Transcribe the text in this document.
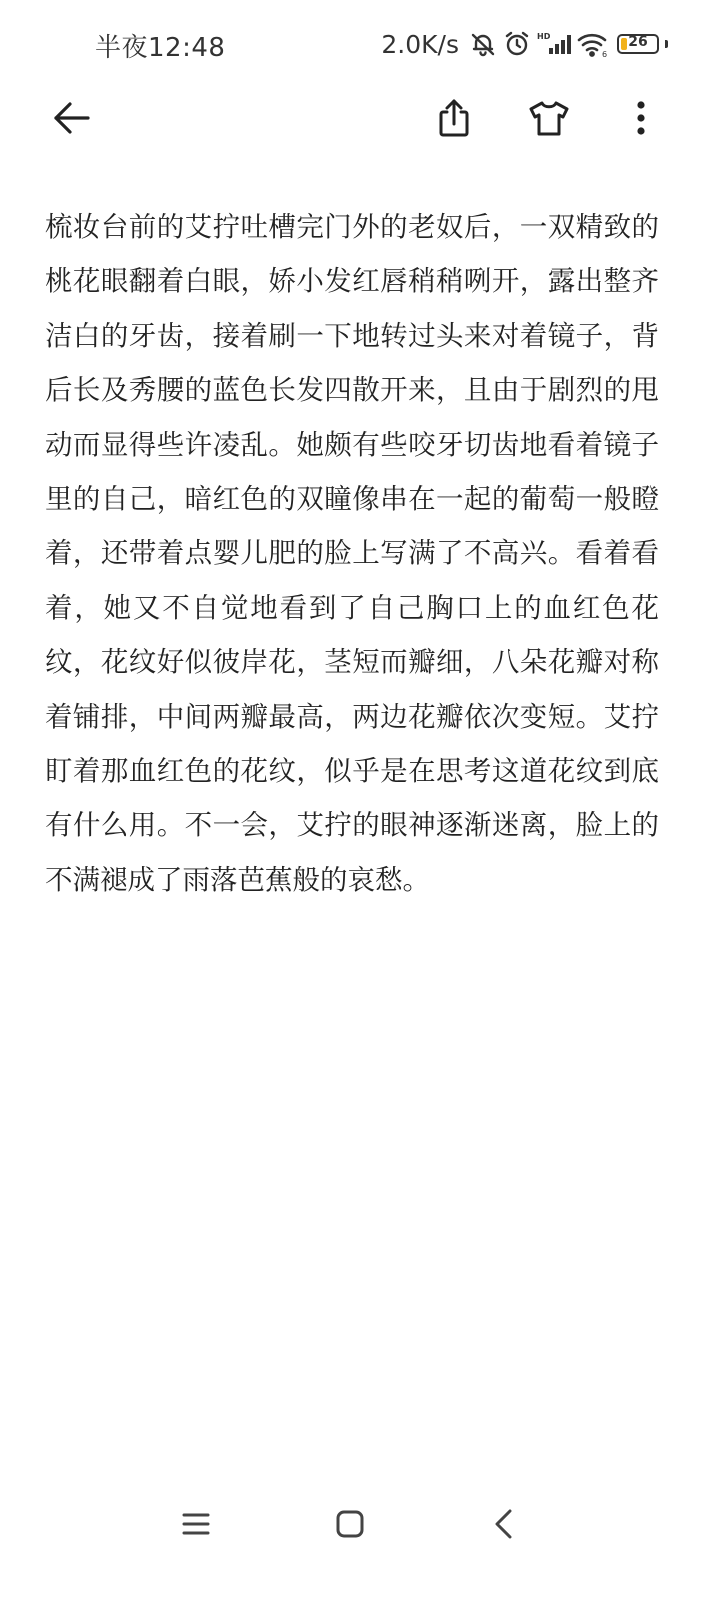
半夜12:48	2.0K/s	HD
6
26

梳妆台前的艾拧吐槽完门外的老奴后，一双精致的桃花眼翻着白眼，娇小发红唇稍稍咧开，露出整齐洁白的牙齿，接着刷一下地转过头来对着镜子，背后长及秀腰的蓝色长发四散开来，且由于剧烈的甩动而显得些许凌乱。她颇有些咬牙切齿地看着镜子里的自己，暗红色的双瞳像串在一起的葡萄一般瞪着，还带着点婴儿肥的脸上写满了不高兴。看着看着，她又不自觉地看到了自己胸口上的血红色花纹，花纹好似彼岸花，茎短而瓣细，八朵花瓣对称着铺排，中间两瓣最高，两边花瓣依次变短。艾拧盯着那血红色的花纹，似乎是在思考这道花纹到底有什么用。不一会，艾拧的眼神逐渐迷离，脸上的不满褪成了雨落芭蕉般的哀愁。
